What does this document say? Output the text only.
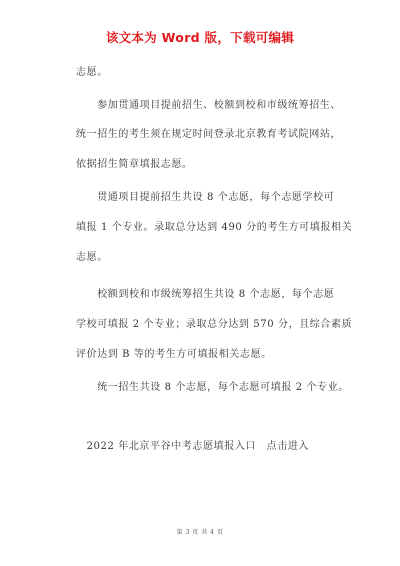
该文本为 Word 版，下载可编辑
志愿。
　　参加贯通项目提前招生、校额到校和市级统筹招生、
统一招生的考生须在规定时间登录北京教育考试院网站，
依据招生简章填报志愿。
　　贯通项目提前招生共设 8 个志愿，每个志愿学校可
填报 1 个专业。录取总分达到 490 分的考生方可填报相关
志愿。
　　校额到校和市级统筹招生共设 8 个志愿，每个志愿
学校可填报 2 个专业；录取总分达到 570 分，且综合素质
评价达到 B 等的考生方可填报相关志愿。
　　统一招生共设 8 个志愿，每个志愿可填报 2 个专业。
　2022 年北京平谷中考志愿填报入口　点击进入
第 3 页 共 4 页
